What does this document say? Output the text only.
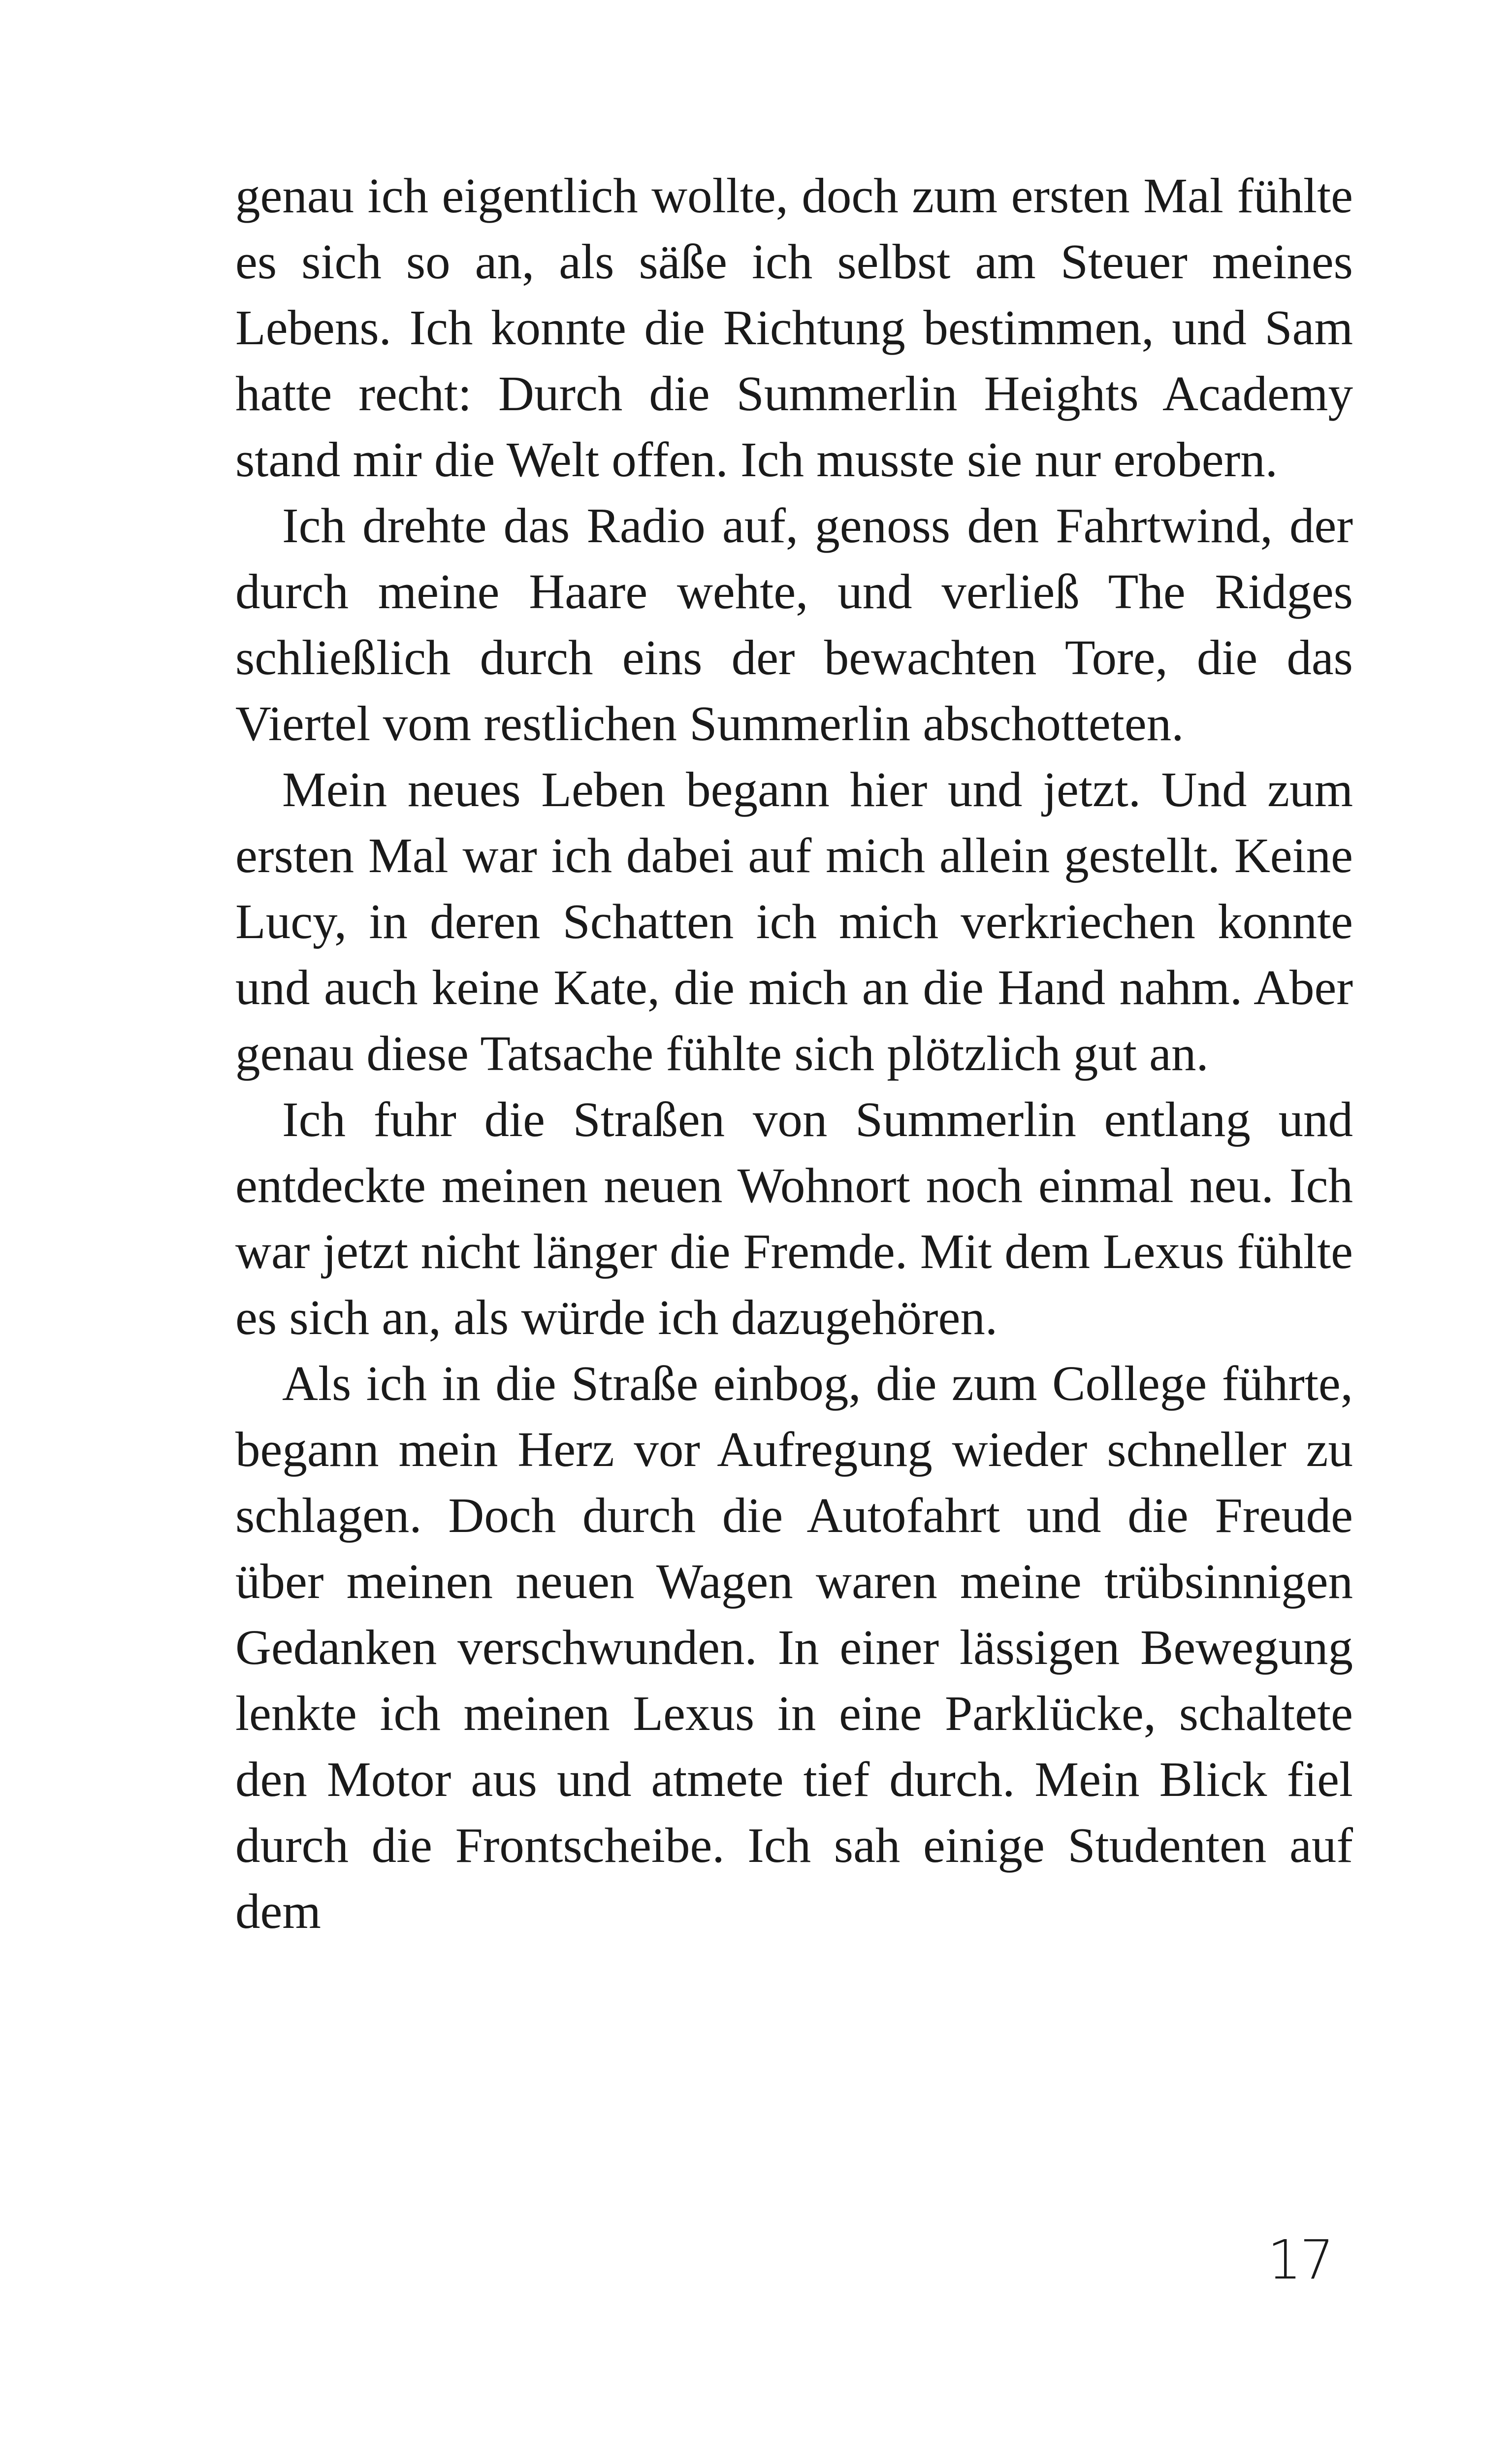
genau ich eigentlich wollte, doch zum ersten Mal fühlte es sich so an, als säße ich selbst am Steuer meines Lebens. Ich konnte die Richtung bestimmen, und Sam hatte recht: Durch die Summerlin Heights Academy stand mir die Welt offen. Ich musste sie nur erobern.

Ich drehte das Radio auf, genoss den Fahrtwind, der durch meine Haare wehte, und verließ The Ridges schließlich durch eins der bewachten Tore, die das Viertel vom restlichen Summerlin abschotteten.

Mein neues Leben begann hier und jetzt. Und zum ersten Mal war ich dabei auf mich allein gestellt. Keine Lucy, in deren Schatten ich mich verkriechen konnte und auch keine Kate, die mich an die Hand nahm. Aber genau diese Tatsache fühlte sich plötzlich gut an.

Ich fuhr die Straßen von Summerlin entlang und entdeckte meinen neuen Wohnort noch einmal neu. Ich war jetzt nicht länger die Fremde. Mit dem Lexus fühlte es sich an, als würde ich dazugehören.

Als ich in die Straße einbog, die zum College führte, begann mein Herz vor Aufregung wieder schneller zu schlagen. Doch durch die Autofahrt und die Freude über meinen neuen Wagen waren meine trübsinnigen Gedanken verschwunden. In einer lässigen Bewegung lenkte ich meinen Lexus in eine Parklücke, schaltete den Motor aus und atmete tief durch. Mein Blick fiel durch die Frontscheibe. Ich sah einige Studenten auf dem

17
